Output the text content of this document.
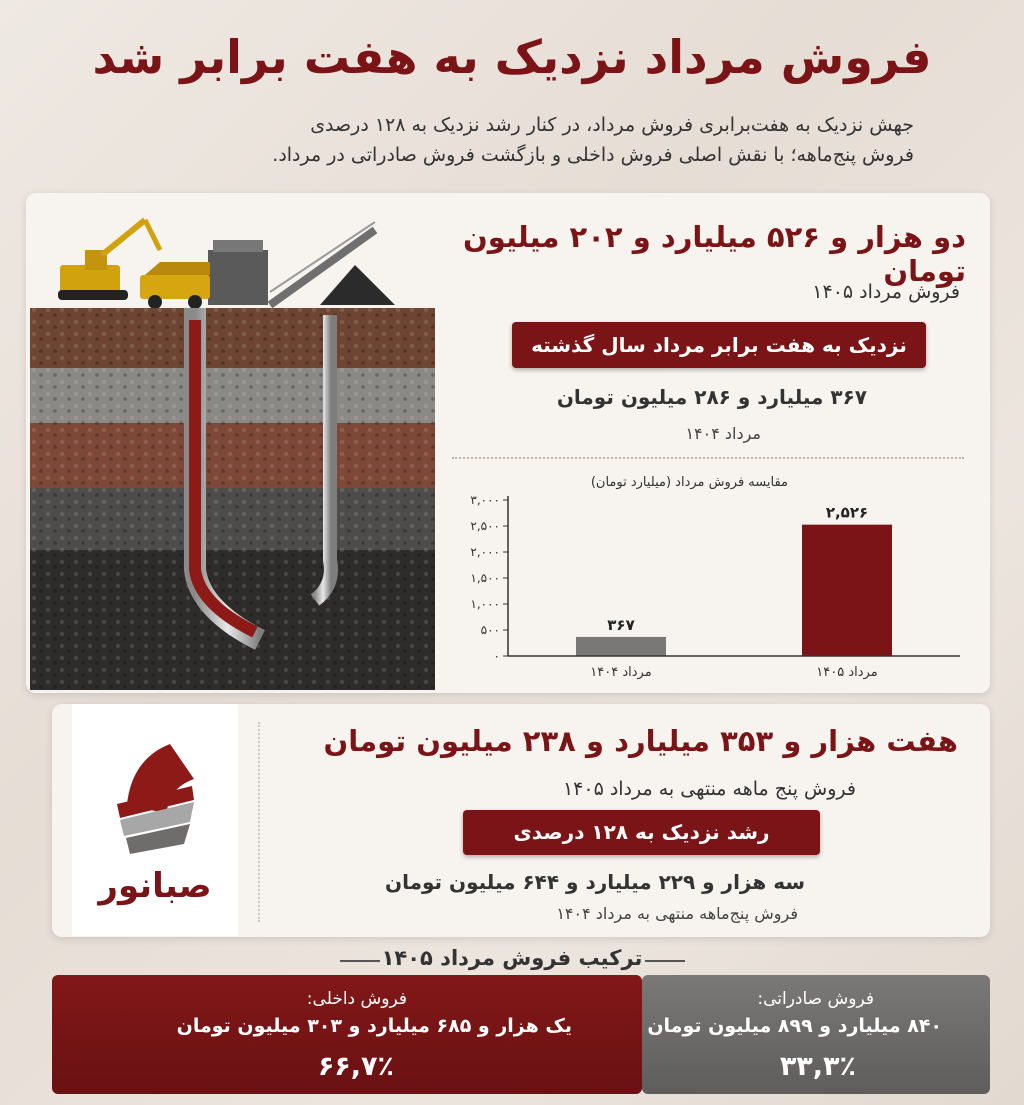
فروش مرداد نزدیک به هفت برابر شد
جهش نزدیک به هفت‌برابری فروش مرداد، در کنار رشد نزدیک به ۱۲۸ درصدی
فروش پنج‌ماهه؛ با نقش اصلی فروش داخلی و بازگشت فروش صادراتی در مرداد.
دو هزار و ۵۲۶ میلیارد و ۲۰۲ میلیون تومان
فروش مرداد ۱۴۰۵
نزدیک به هفت برابر مرداد سال گذشته
۳۶۷ میلیارد و ۲۸۶ میلیون تومان
مرداد ۱۴۰۴
مقایسه فروش مرداد (میلیارد تومان)
۰
۵۰۰
۱,۰۰۰
۱,۵۰۰
۲,۰۰۰
۲,۵۰۰
۳,۰۰۰
۳۶۷
۲,۵۲۶
مرداد ۱۴۰۴	مرداد ۱۴۰۵
صبانور
هفت هزار و ۳۵۳ میلیارد و ۲۳۸ میلیون تومان
فروش پنج ماهه منتهی به مرداد ۱۴۰۵
رشد نزدیک به ۱۲۸ درصدی
سه هزار و ۲۲۹ میلیارد و ۶۴۴ میلیون تومان
فروش پنج‌ماهه منتهی به مرداد ۱۴۰۴
ترکیب فروش مرداد ۱۴۰۵
فروش داخلی:
یک هزار و ۶۸۵ میلیارد و ۳۰۳ میلیون تومان
۶۶,۷٪
فروش صادراتی:
۸۴۰ میلیارد و ۸۹۹ میلیون تومان
۳۳,۳٪
